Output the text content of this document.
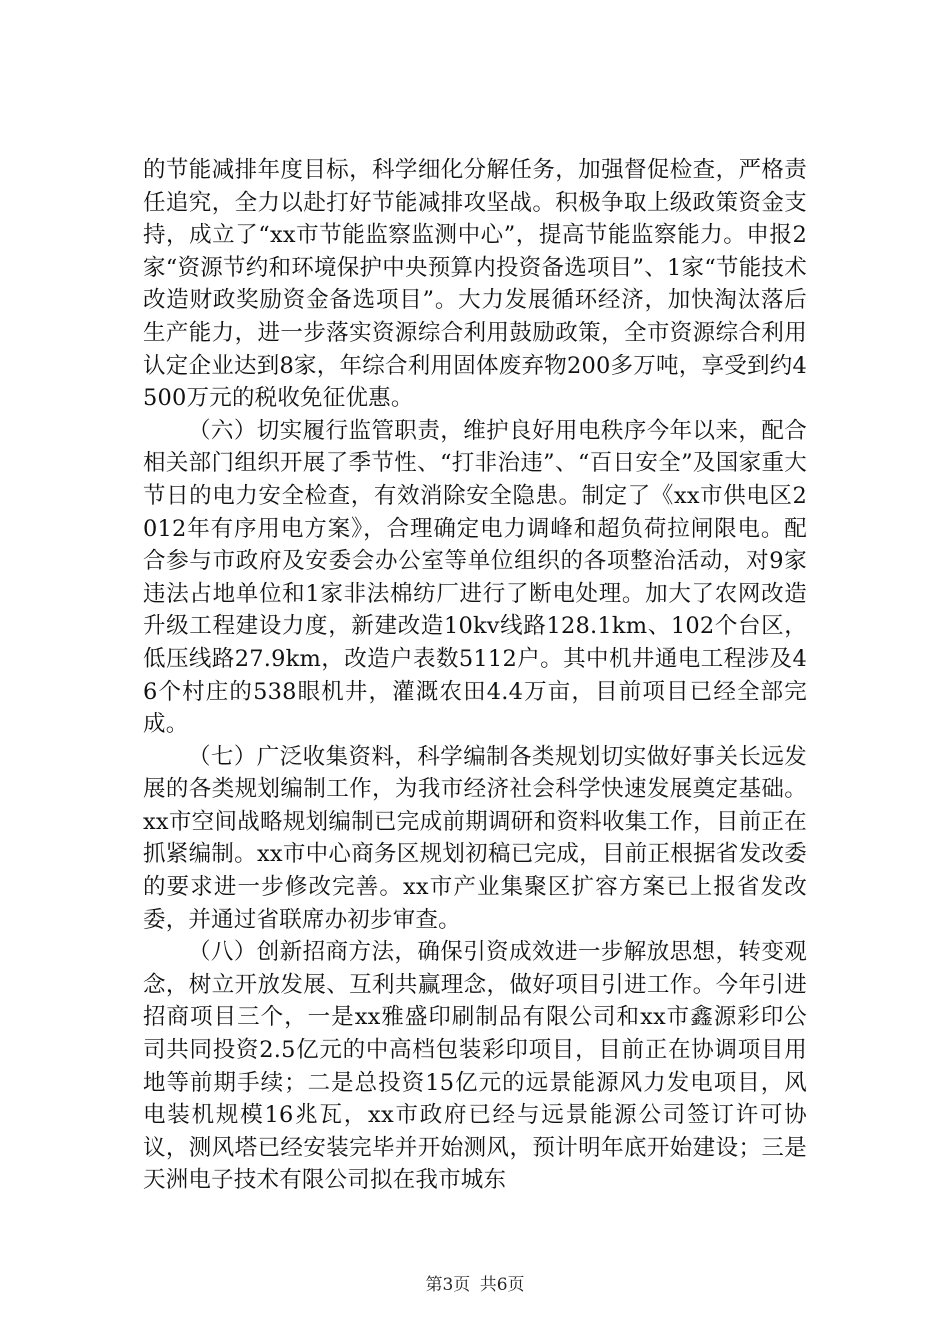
的节能减排年度目标，科学细化分解任务，加强督促检查，严格责任追究，全力以赴打好节能减排攻坚战。积极争取上级政策资金支持，成立了“xx市节能监察监测中心”，提高节能监察能力。申报2家“资源节约和环境保护中央预算内投资备选项目”、1家“节能技术改造财政奖励资金备选项目”。大力发展循环经济，加快淘汰落后生产能力，进一步落实资源综合利用鼓励政策，全市资源综合利用认定企业达到8家，年综合利用固体废弃物200多万吨，享受到约4500万元的税收免征优惠。

（六）切实履行监管职责，维护良好用电秩序今年以来，配合相关部门组织开展了季节性、“打非治违”、“百日安全”及国家重大节日的电力安全检查，有效消除安全隐患。制定了《xx市供电区2012年有序用电方案》，合理确定电力调峰和超负荷拉闸限电。配合参与市政府及安委会办公室等单位组织的各项整治活动，对9家违法占地单位和1家非法棉纺厂进行了断电处理。加大了农网改造升级工程建设力度，新建改造10kv线路128.1km、102个台区，低压线路27.9km，改造户表数5112户。其中机井通电工程涉及46个村庄的538眼机井，灌溉农田4.4万亩，目前项目已经全部完成。

（七）广泛收集资料，科学编制各类规划切实做好事关长远发展的各类规划编制工作，为我市经济社会科学快速发展奠定基础。xx市空间战略规划编制已完成前期调研和资料收集工作，目前正在抓紧编制。xx市中心商务区规划初稿已完成，目前正根据省发改委的要求进一步修改完善。xx市产业集聚区扩容方案已上报省发改委，并通过省联席办初步审查。

（八）创新招商方法，确保引资成效进一步解放思想，转变观念，树立开放发展、互利共赢理念，做好项目引进工作。今年引进招商项目三个，一是xx雅盛印刷制品有限公司和xx市鑫源彩印公司共同投资2.5亿元的中高档包装彩印项目，目前正在协调项目用地等前期手续；二是总投资15亿元的远景能源风力发电项目，风电装机规模16兆瓦，xx市政府已经与远景能源公司签订许可协议，测风塔已经安装完毕并开始测风，预计明年底开始建设；三是天洲电子技术有限公司拟在我市城东

第3页 共6页
